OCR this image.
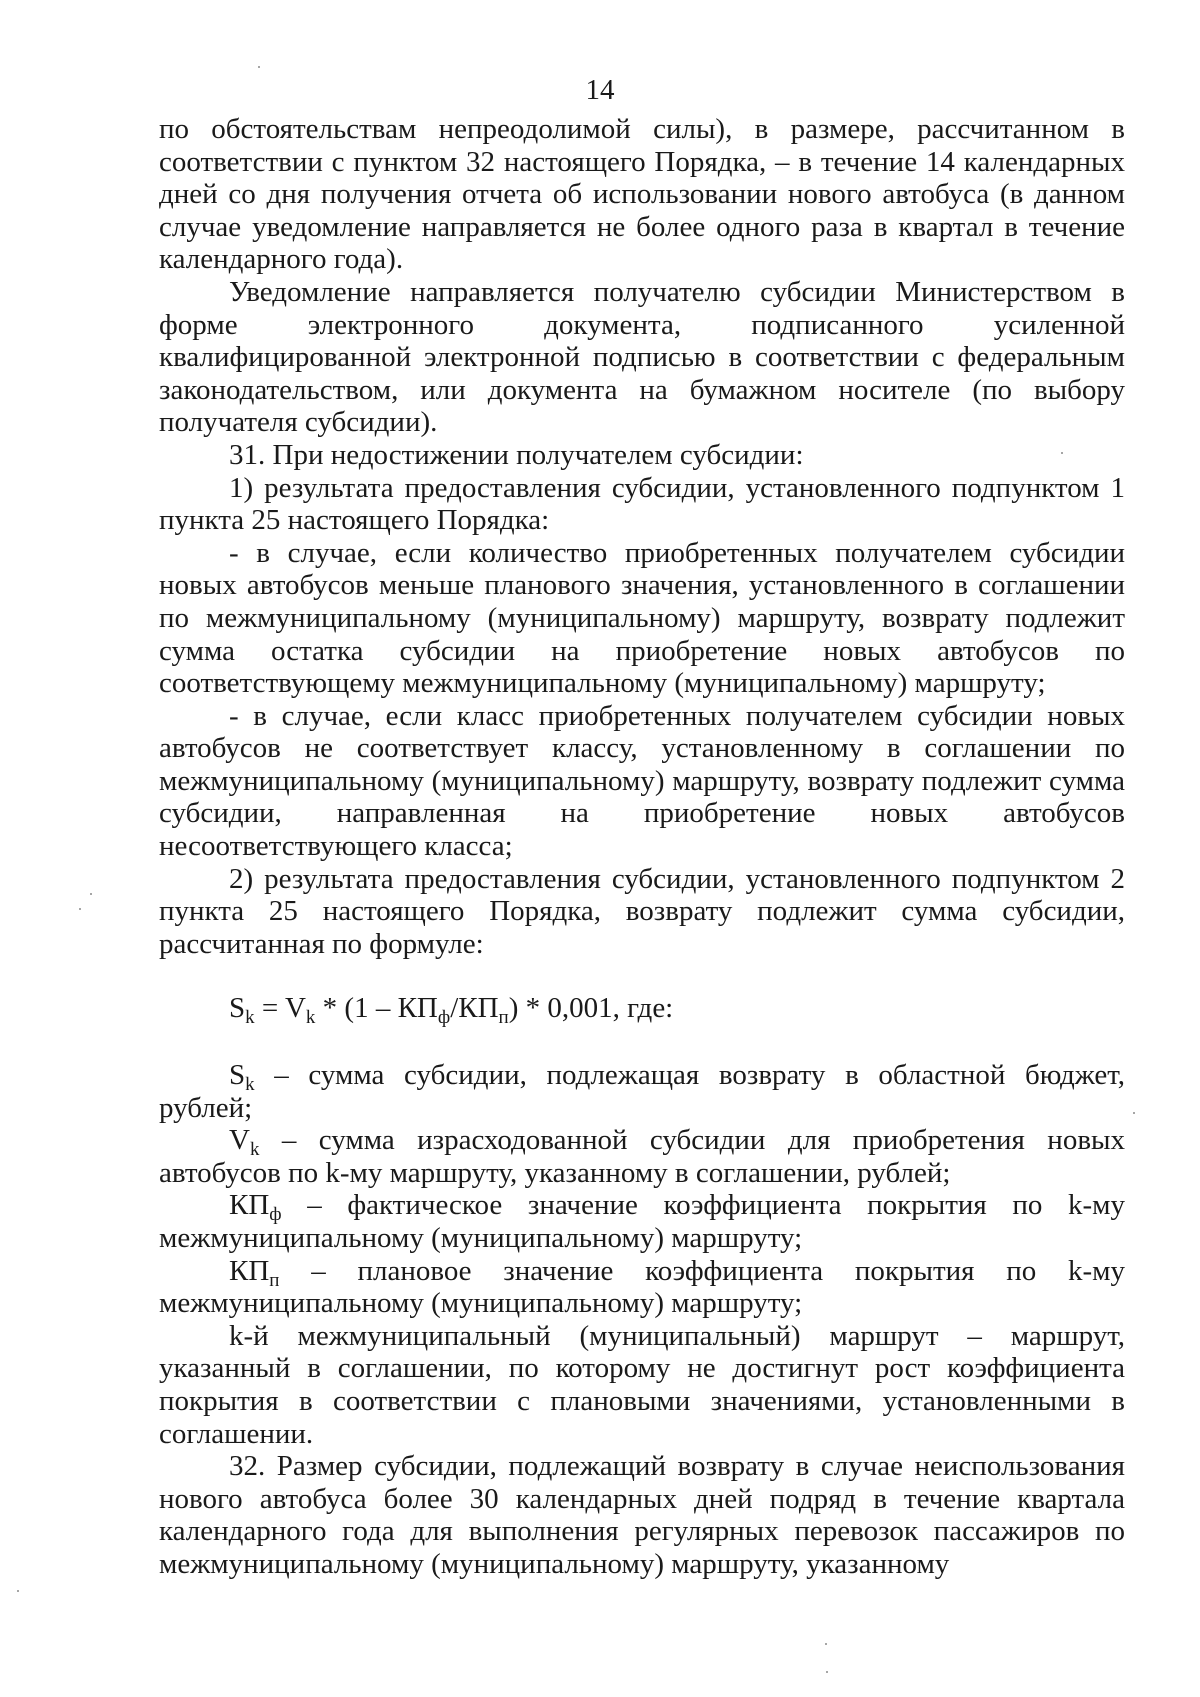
14

по обстоятельствам непреодолимой силы), в размере, рассчитанном в соответствии с пунктом 32 настоящего Порядка, – в течение 14 календарных дней со дня получения отчета об использовании нового автобуса (в данном случае уведомление направляется не более одного раза в квартал в течение календарного года).

Уведомление направляется получателю субсидии Министерством в форме электронного документа, подписанного усиленной квалифицированной электронной подписью в соответствии с федеральным законодательством, или документа на бумажном носителе (по выбору получателя субсидии).

31. При недостижении получателем субсидии:

1) результата предоставления субсидии, установленного подпунктом 1 пункта 25 настоящего Порядка:

- в случае, если количество приобретенных получателем субсидии новых автобусов меньше планового значения, установленного в соглашении по межмуниципальному (муниципальному) маршруту, возврату подлежит сумма остатка субсидии на приобретение новых автобусов по соответствующему межмуниципальному (муниципальному) маршруту;

- в случае, если класс приобретенных получателем субсидии новых автобусов не соответствует классу, установленному в соглашении по межмуниципальному (муниципальному) маршруту, возврату подлежит сумма субсидии, направленная на приобретение новых автобусов несоответствующего класса;

2) результата предоставления субсидии, установленного подпунктом 2 пункта 25 настоящего Порядка, возврату подлежит сумма субсидии, рассчитанная по формуле:

$S_k = V_k * (1 - КП_ф/КП_п) * 0,001$, где:

$S_k$ – сумма субсидии, подлежащая возврату в областной бюджет, рублей;

$V_k$ – сумма израсходованной субсидии для приобретения новых автобусов по k-му маршруту, указанному в соглашении, рублей;

$КП_ф$ – фактическое значение коэффициента покрытия по k-му межмуниципальному (муниципальному) маршруту;

$КП_п$ – плановое значение коэффициента покрытия по k-му межмуниципальному (муниципальному) маршруту;

k-й межмуниципальный (муниципальный) маршрут – маршрут, указанный в соглашении, по которому не достигнут рост коэффициента покрытия в соответствии с плановыми значениями, установленными в соглашении.

32. Размер субсидии, подлежащий возврату в случае неиспользования нового автобуса более 30 календарных дней подряд в течение квартала календарного года для выполнения регулярных перевозок пассажиров по межмуниципальному (муниципальному) маршруту, указанному
